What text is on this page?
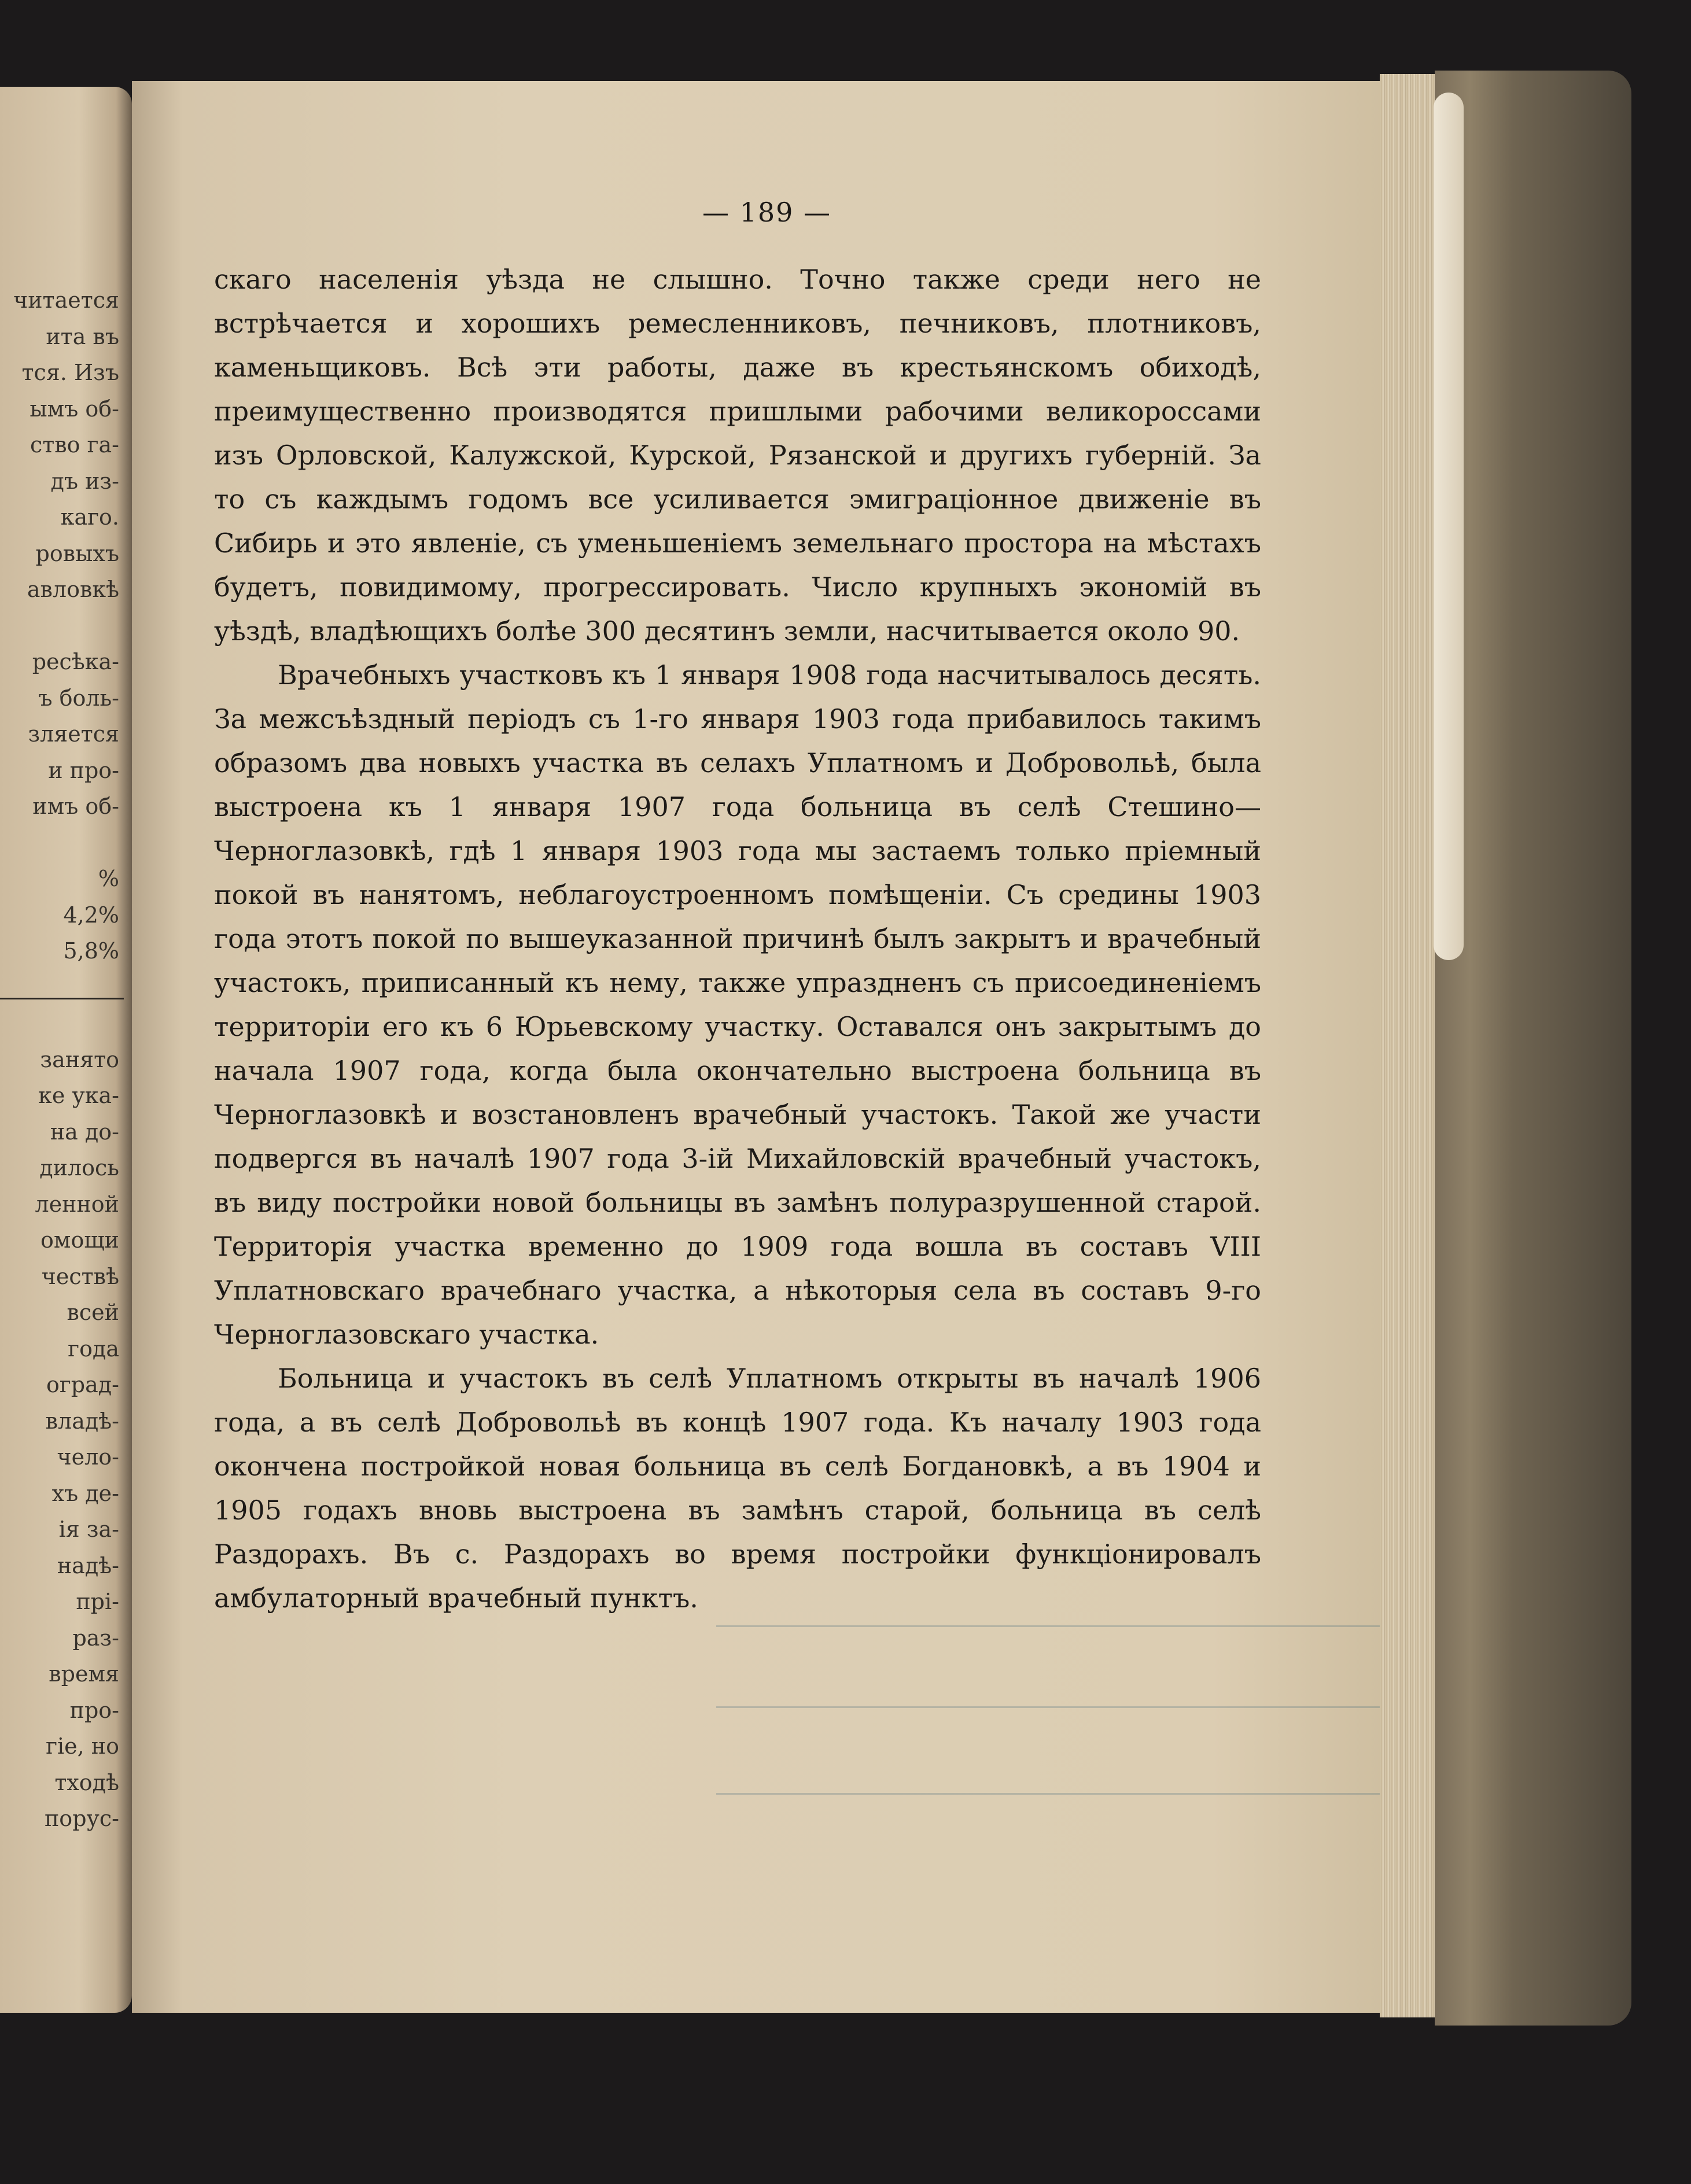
читается
ита въ
тся. Изъ
ымъ об-
ство га-
дъ из-
каго.
ровыхъ
авловкѣ

ресѣка-
ъ боль-
зляется
и про-
имъ об-

%
4,2%
5,8%

занято
ке ука-
на до-
дилось
ленной
омощи
чествѣ
всей
года
оград-
владѣ-
чело-
хъ де-
iя за-
надѣ-
прi-
раз-
время
про-
гiе, но
тходѣ
порус-
— 189 —

скаго населенія уѣзда не слышно. Точно также среди него не встрѣчается и хорошихъ ремесленниковъ, печниковъ, плотниковъ, каменьщиковъ. Всѣ эти работы, даже въ крестьянскомъ обиходѣ, преимущественно производятся пришлыми рабочими великороссами изъ Орловской, Калужской, Курской, Рязанской и другихъ губерній. За то съ каждымъ годомъ все усиливается эмиграціонное движеніе въ Сибирь и это явленіе, съ уменьшеніемъ земельнаго простора на мѣстахъ будетъ, повидимому, прогрессировать. Число крупныхъ экономій въ уѣздѣ, владѣющихъ болѣе 300 десятинъ земли, насчитывается около 90.

Врачебныхъ участковъ къ 1 января 1908 года насчитывалось десять. За межсъѣздный періодъ съ 1-го января 1903 года прибавилось такимъ образомъ два новыхъ участка въ селахъ Уплатномъ и Добровольѣ, была выстроена къ 1 января 1907 года больница въ селѣ Стешино—Черноглазовкѣ, гдѣ 1 января 1903 года мы застаемъ только пріемный покой въ нанятомъ, неблагоустроенномъ помѣщеніи. Съ средины 1903 года этотъ покой по вышеуказанной причинѣ былъ закрытъ и врачебный участокъ, приписанный къ нему, также упраздненъ съ присоединеніемъ территоріи его къ 6 Юрьевскому участку. Оставался онъ закрытымъ до начала 1907 года, когда была окончательно выстроена больница въ Черноглазовкѣ и возстановленъ врачебный участокъ. Такой же участи подвергся въ началѣ 1907 года 3-ій Михайловскій врачебный участокъ, въ виду постройки новой больницы въ замѣнъ полуразрушенной старой. Территорія участка временно до 1909 года вошла въ составъ VIII Уплатновскаго врачебнаго участка, а нѣкоторыя села въ составъ 9-го Черноглазовскаго участка.

Больница и участокъ въ селѣ Уплатномъ открыты въ началѣ 1906 года, а въ селѣ Добровольѣ въ концѣ 1907 года. Къ началу 1903 года окончена постройкой новая больница въ селѣ Богдановкѣ, а въ 1904 и 1905 годахъ вновь выстроена въ замѣнъ старой, больница въ селѣ Раздорахъ. Въ с. Раздорахъ во время постройки функціонировалъ амбулаторный врачебный пунктъ.
